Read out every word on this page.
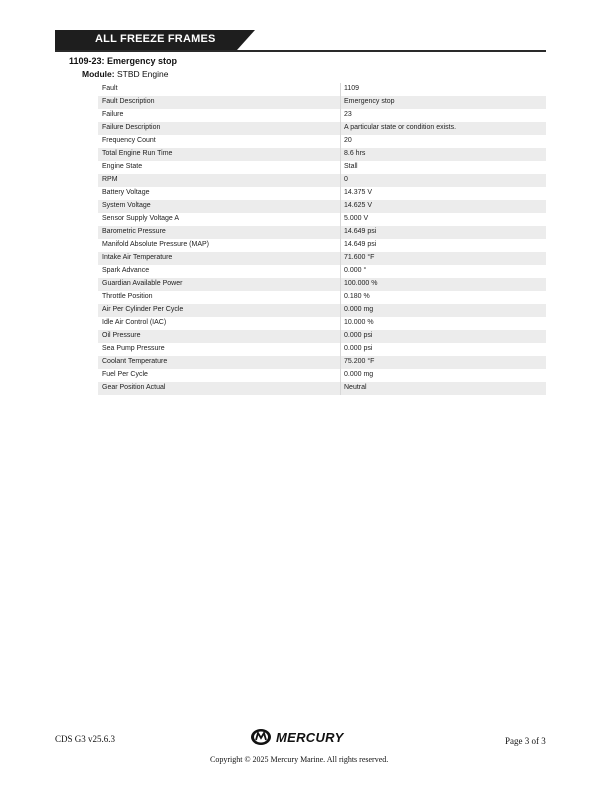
ALL FREEZE FRAMES
1109-23: Emergency stop
Module: STBD Engine
Fault	1109
Fault Description	Emergency stop
Failure	23
Failure Description	A particular state or condition exists.
Frequency Count	20
Total Engine Run Time	8.6 hrs
Engine State	Stall
RPM	0
Battery Voltage	14.375 V
System Voltage	14.625 V
Sensor Supply Voltage A	5.000 V
Barometric Pressure	14.649 psi
Manifold Absolute Pressure (MAP)	14.649 psi
Intake Air Temperature	71.600 °F
Spark Advance	0.000 °
Guardian Available Power	100.000 %
Throttle Position	0.180 %
Air Per Cylinder Per Cycle	0.000 mg
Idle Air Control (IAC)	10.000 %
Oil Pressure	0.000 psi
Sea Pump Pressure	0.000 psi
Coolant Temperature	75.200 °F
Fuel Per Cycle	0.000 mg
Gear Position Actual	Neutral
CDS G3 v25.6.3	MERCURY	Page 3 of 3
Copyright © 2025 Mercury Marine. All rights reserved.
